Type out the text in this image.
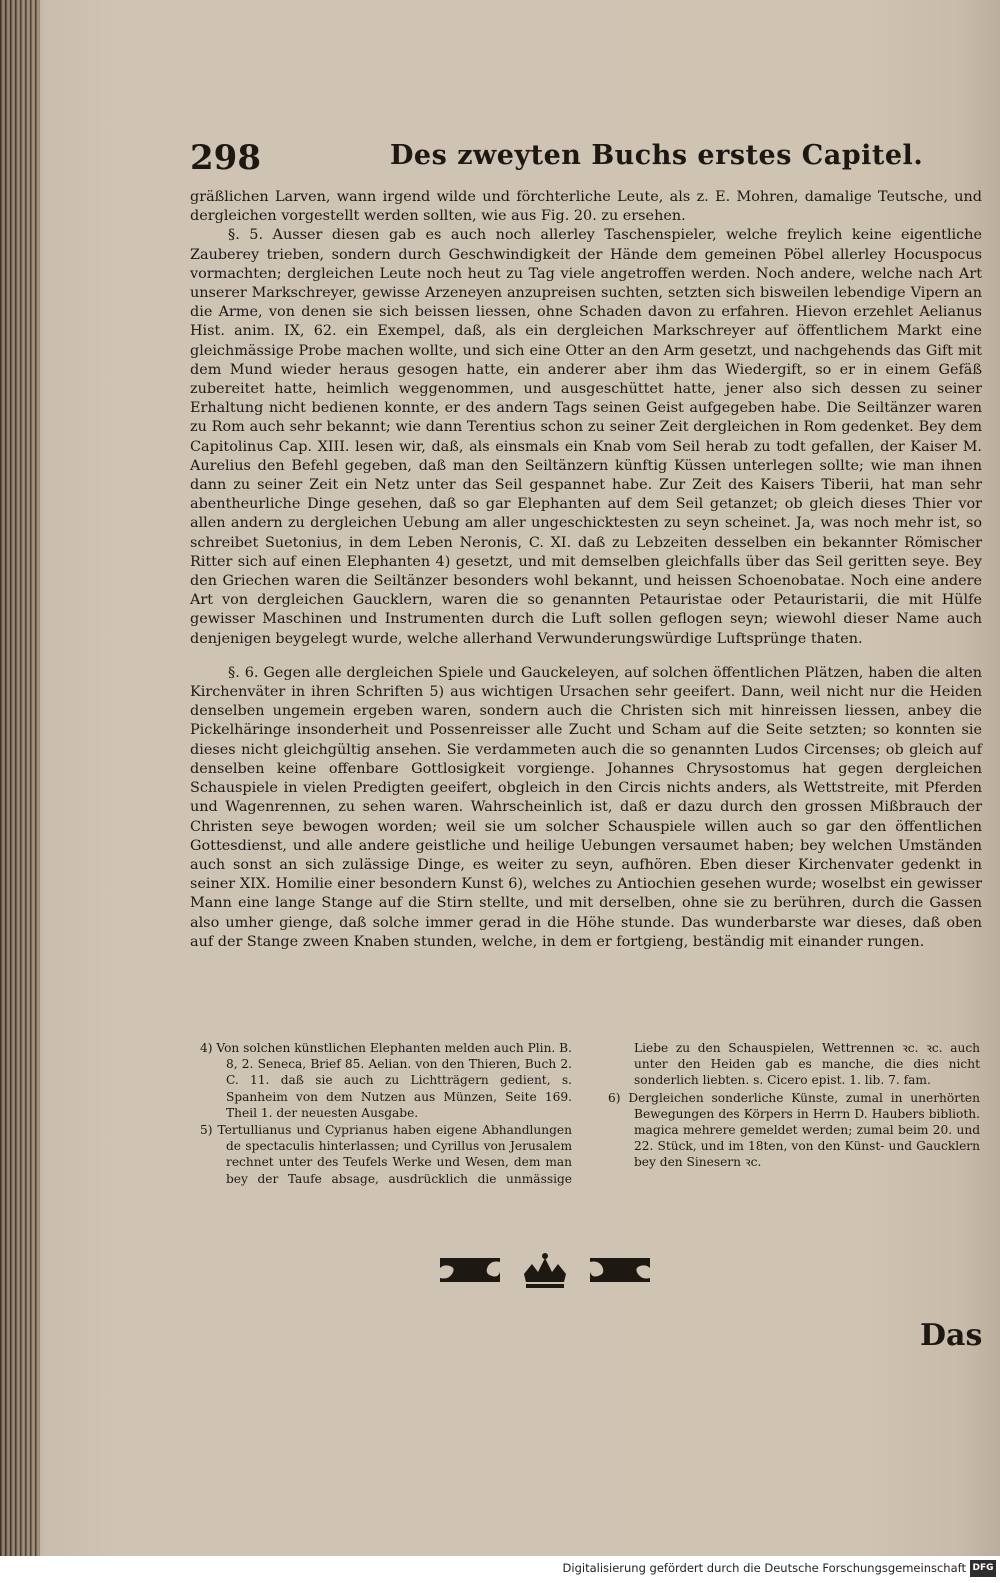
298	Des zweyten Buchs erstes Capitel.

gräßlichen Larven, wann irgend wilde und förchterliche Leute, als z. E. Mohren, damalige Teutsche, und dergleichen vorgestellt werden sollten, wie aus Fig. 20. zu ersehen.

§. 5. Ausser diesen gab es auch noch allerley Taschenspieler, welche freylich keine eigentliche Zauberey trieben, sondern durch Geschwindigkeit der Hände dem gemeinen Pöbel allerley Hocuspocus vormachten; dergleichen Leute noch heut zu Tag viele angetroffen werden. Noch andere, welche nach Art unserer Markschreyer, gewisse Arzeneyen anzupreisen suchten, setzten sich bisweilen lebendige Vipern an die Arme, von denen sie sich beissen liessen, ohne Schaden davon zu erfahren. Hievon erzehlet Aelianus Hist. anim. IX, 62. ein Exempel, daß, als ein dergleichen Markschreyer auf öffentlichem Markt eine gleichmässige Probe machen wollte, und sich eine Otter an den Arm gesetzt, und nachgehends das Gift mit dem Mund wieder heraus gesogen hatte, ein anderer aber ihm das Wiedergift, so er in einem Gefäß zubereitet hatte, heimlich weggenommen, und ausgeschüttet hatte, jener also sich dessen zu seiner Erhaltung nicht bedienen konnte, er des andern Tags seinen Geist aufgegeben habe. Die Seiltänzer waren zu Rom auch sehr bekannt; wie dann Terentius schon zu seiner Zeit dergleichen in Rom gedenket. Bey dem Capitolinus Cap. XIII. lesen wir, daß, als einsmals ein Knab vom Seil herab zu todt gefallen, der Kaiser M. Aurelius den Befehl gegeben, daß man den Seiltänzern künftig Küssen unterlegen sollte; wie man ihnen dann zu seiner Zeit ein Netz unter das Seil gespannet habe. Zur Zeit des Kaisers Tiberii, hat man sehr abentheurliche Dinge gesehen, daß so gar Elephanten auf dem Seil getanzet; ob gleich dieses Thier vor allen andern zu dergleichen Uebung am aller ungeschicktesten zu seyn scheinet. Ja, was noch mehr ist, so schreibet Suetonius, in dem Leben Neronis, C. XI. daß zu Lebzeiten desselben ein bekannter Römischer Ritter sich auf einen Elephanten 4) gesetzt, und mit demselben gleichfalls über das Seil geritten seye. Bey den Griechen waren die Seiltänzer besonders wohl bekannt, und heissen Schoenobatae. Noch eine andere Art von dergleichen Gaucklern, waren die so genannten Petauristae oder Petauristarii, die mit Hülfe gewisser Maschinen und Instrumenten durch die Luft sollen geflogen seyn; wiewohl dieser Name auch denjenigen beygelegt wurde, welche allerhand Verwunderungswürdige Luftsprünge thaten.

§. 6. Gegen alle dergleichen Spiele und Gauckeleyen, auf solchen öffentlichen Plätzen, haben die alten Kirchenväter in ihren Schriften 5) aus wichtigen Ursachen sehr geeifert. Dann, weil nicht nur die Heiden denselben ungemein ergeben waren, sondern auch die Christen sich mit hinreissen liessen, anbey die Pickelhäringe insonderheit und Possenreisser alle Zucht und Scham auf die Seite setzten; so konnten sie dieses nicht gleichgültig ansehen. Sie verdammeten auch die so genannten Ludos Circenses; ob gleich auf denselben keine offenbare Gottlosigkeit vorgienge. Johannes Chrysostomus hat gegen dergleichen Schauspiele in vielen Predigten geeifert, obgleich in den Circis nichts anders, als Wettstreite, mit Pferden und Wagenrennen, zu sehen waren. Wahrscheinlich ist, daß er dazu durch den grossen Mißbrauch der Christen seye bewogen worden; weil sie um solcher Schauspiele willen auch so gar den öffentlichen Gottesdienst, und alle andere geistliche und heilige Uebungen versaumet haben; bey welchen Umständen auch sonst an sich zulässige Dinge, es weiter zu seyn, aufhören. Eben dieser Kirchenvater gedenkt in seiner XIX. Homilie einer besondern Kunst 6), welches zu Antiochien gesehen wurde; woselbst ein gewisser Mann eine lange Stange auf die Stirn stellte, und mit derselben, ohne sie zu berühren, durch die Gassen also umher gienge, daß solche immer gerad in die Höhe stunde. Das wunderbarste war dieses, daß oben auf der Stange zween Knaben stunden, welche, in dem er fortgieng, beständig mit einander rungen.

4) Von solchen künstlichen Elephanten melden auch Plin. B. 8, 2. Seneca, Brief 85. Aelian. von den Thieren, Buch 2. C. 11. daß sie auch zu Lichtträgern gedient, s. Spanheim von dem Nutzen aus Münzen, Seite 169. Theil 1. der neuesten Ausgabe.

5) Tertullianus und Cyprianus haben eigene Abhandlungen de spectaculis hinterlassen; und Cyrillus von Jerusalem rechnet unter des Teufels Werke und Wesen, dem man bey der Taufe absage, ausdrücklich die unmässige Liebe zu den Schauspielen, Wettrennen ꝛc. ꝛc. auch unter den Heiden gab es manche, die dies nicht sonderlich liebten. s. Cicero epist. 1. lib. 7. fam.

6) Dergleichen sonderliche Künste, zumal in unerhörten Bewegungen des Körpers in Herrn D. Haubers biblioth. magica mehrere gemeldet werden; zumal beim 20. und 22. Stück, und im 18ten, von den Künst- und Gaucklern bey den Sinesern ꝛc.

Das
Digitalisierung gefördert durch die Deutsche Forschungsgemeinschaft DFG
